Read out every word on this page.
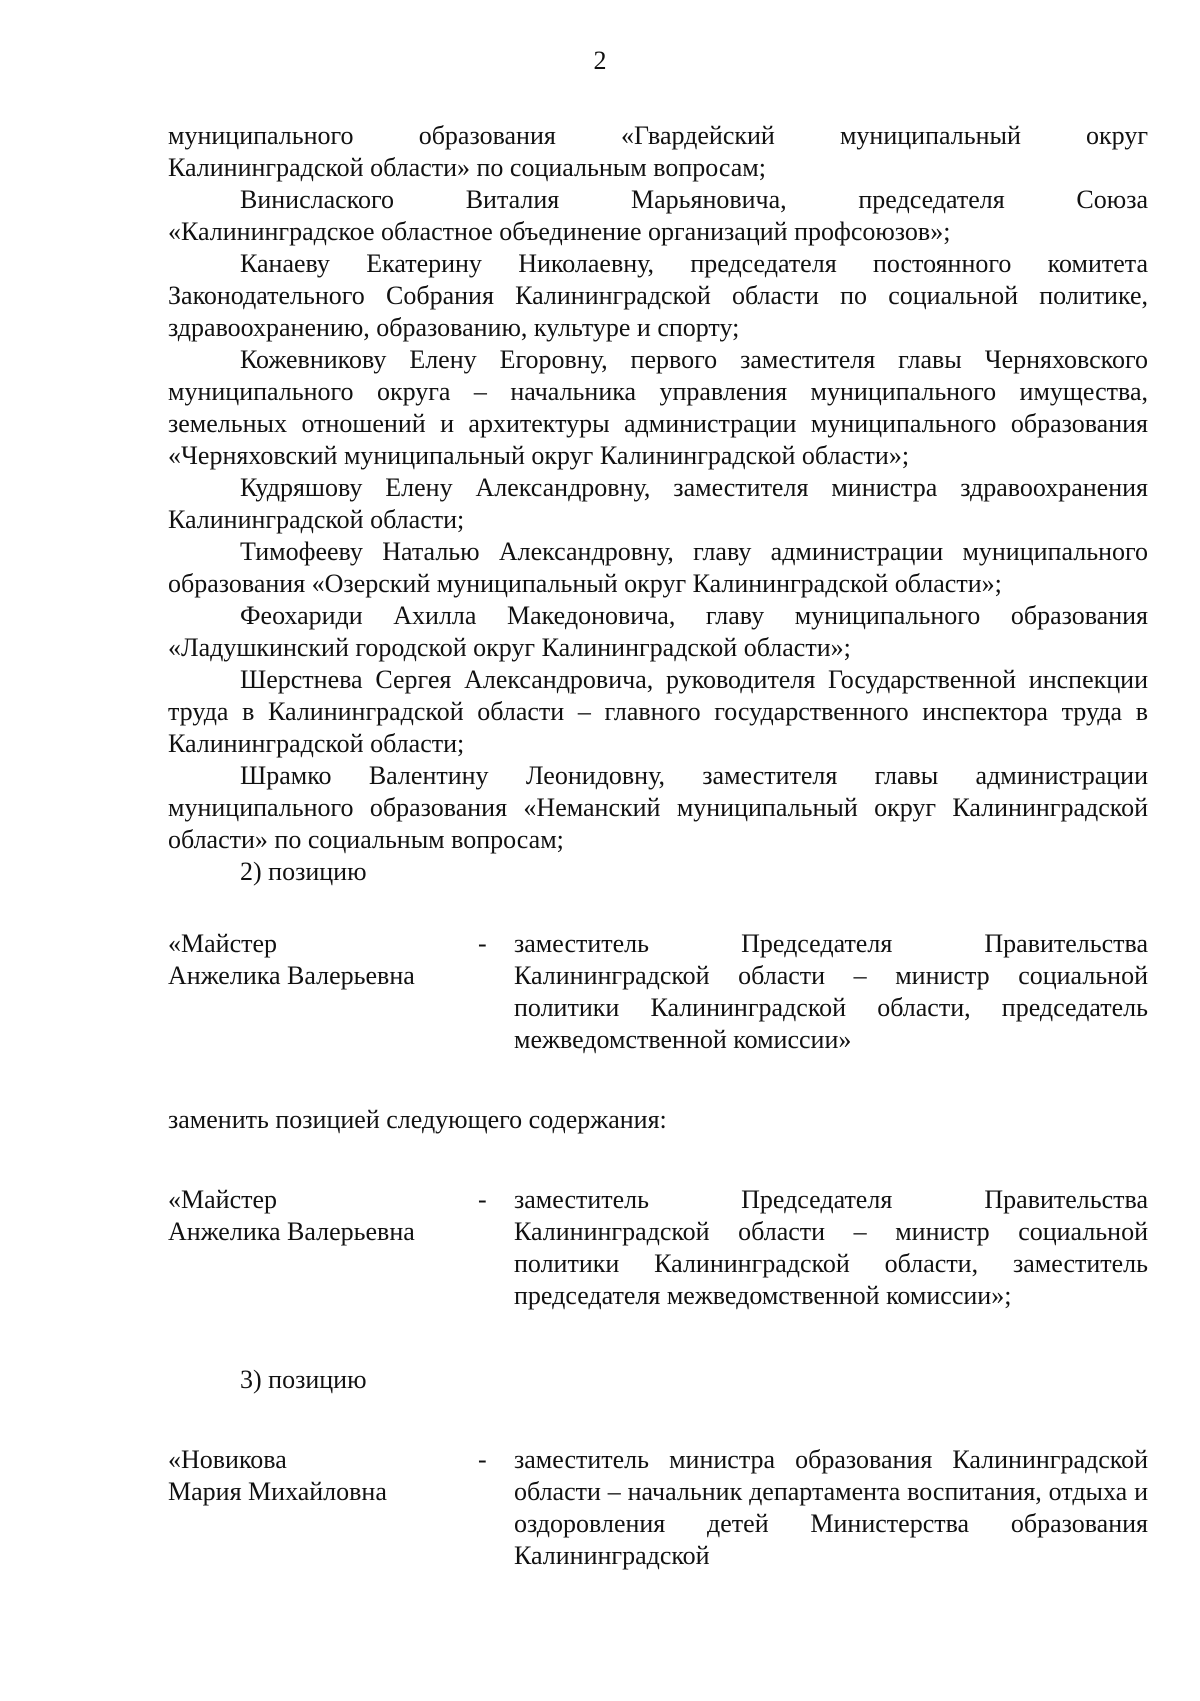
2
муниципального образования «Гвардейский муниципальный округ
Калининградской области» по социальным вопросам;
Винислаского Виталия Марьяновича, председателя Союза
«Калининградское областное объединение организаций профсоюзов»;

Канаеву Екатерину Николаевну, председателя постоянного комитета Законодательного Собрания Калининградской области по социальной политике, здравоохранению, образованию, культуре и спорту;

Кожевникову Елену Егоровну, первого заместителя главы Черняховского муниципального округа – начальника управления муниципального имущества, земельных отношений и архитектуры администрации муниципального образования «Черняховский муниципальный округ Калининградской области»;

Кудряшову Елену Александровну, заместителя министра здравоохранения Калининградской области;

Тимофееву Наталью Александровну, главу администрации муниципального образования «Озерский муниципальный округ Калининградской области»;

Феохариди Ахилла Македоновича, главу муниципального образования «Ладушкинский городской округ Калининградской области»;

Шерстнева Сергея Александровича, руководителя Государственной инспекции труда в Калининградской области – главного государственного инспектора труда в Калининградской области;

Шрамко Валентину Леонидовну, заместителя главы администрации муниципального образования «Неманский муниципальный округ Калининградской области» по социальным вопросам;

2) позицию

«Майстер
Анжелика Валерьевна
-	заместитель Председателя Правительства Калининградской области – министр социальной политики Калининградской области, председатель межведомственной комиссии»

заменить позицией следующего содержания:

«Майстер
Анжелика Валерьевна
-	заместитель Председателя Правительства Калининградской области – министр социальной политики Калининградской области, заместитель председателя межведомственной комиссии»;

3) позицию

«Новикова
Мария Михайловна
-	заместитель министра образования Калининградской области – начальник департамента воспитания, отдыха и оздоровления детей Министерства образования Калининградской
